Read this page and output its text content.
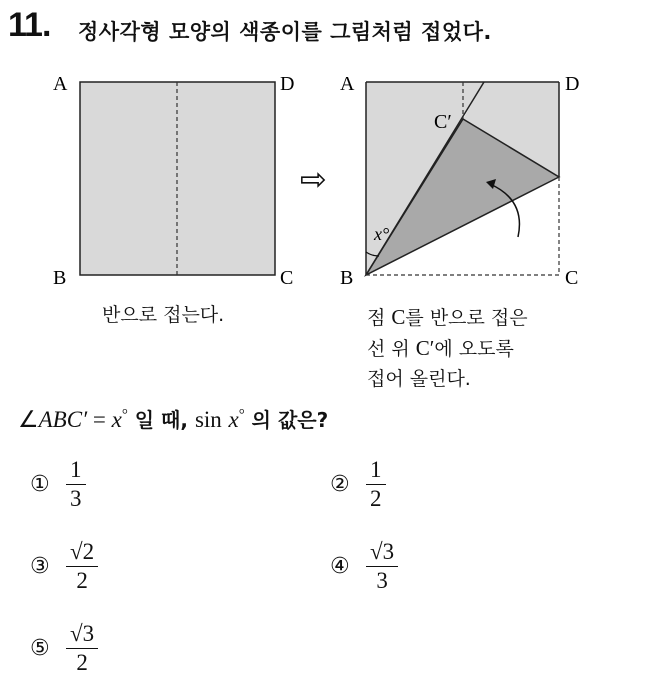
11. 정사각형 모양의 색종이를 그림처럼 접었다.
A	D
B	C
반으로 접는다.
⇨
A	D
B	C
C′
x°
점 C를 반으로 접은
선 위 C′에 오도록
접어 올린다.
∠ABC′ = x° 일 때, sin x° 의 값은?
① $\frac{1}{3}$	② $\frac{1}{2}$
③ $\frac{√2}{2}$	④ $\frac{√3}{3}$
⑤ $\frac{√3}{2}$
